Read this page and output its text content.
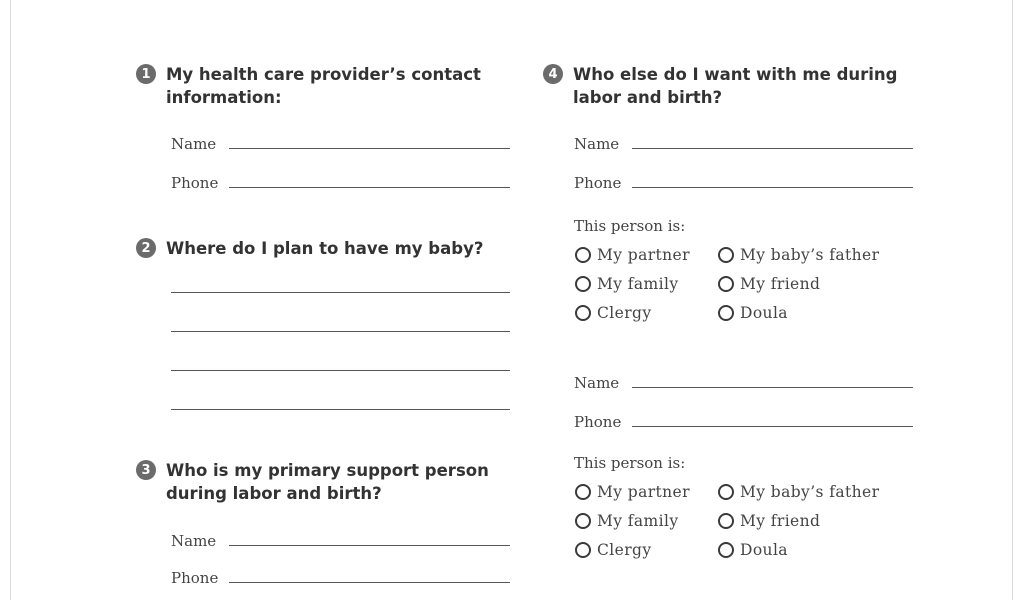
1 My health care provider’s contact
information:
Name
Phone
2 Where do I plan to have my baby?
3 Who is my primary support person
during labor and birth?
Name
Phone
4 Who else do I want with me during
labor and birth?
Name
Phone
This person is:
My partner	My baby’s father
My family	My friend
Clergy	Doula
Name
Phone
This person is:
My partner	My baby’s father
My family	My friend
Clergy	Doula
